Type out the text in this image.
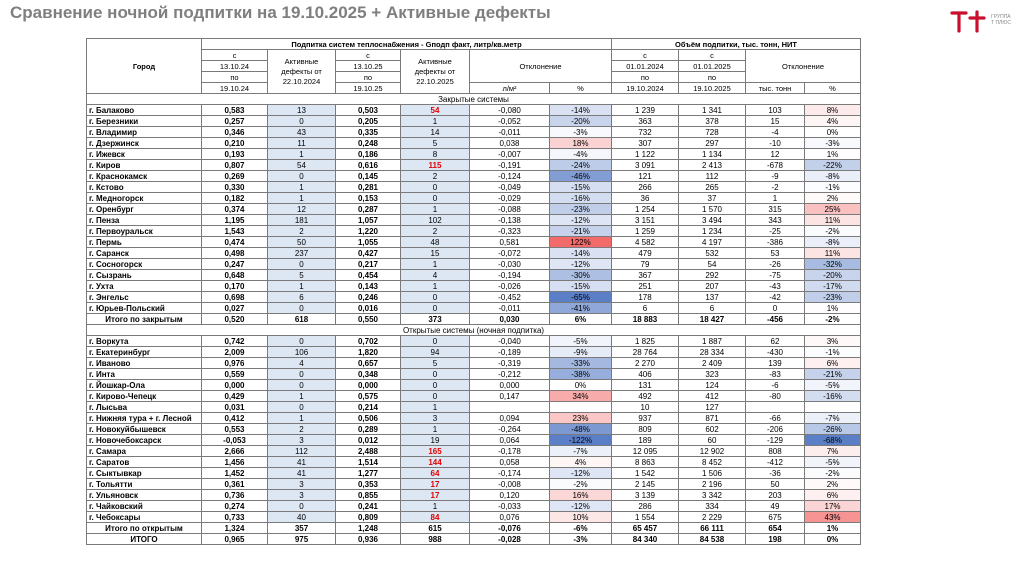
Сравнение ночной подпитки на 19.10.2025 + Активные дефекты	ГРУППА
Т ПЛЮС
Город	Подпитка систем теплоснабжения - Gподп факт, литр/кв.метр						Объём подпитки, тыс. тонн, НИТ			
	с	Активные дефекты от 22.10.2024	с	Активные дефекты от 22.10.2025	Отклонение		с	с	Отклонение	
	13.10.24		13.10.25				01.01.2024	01.01.2025		
	по		по				по	по		
	19.10.24		19.10.25		л/м²	%	19.10.2024	19.10.2025	тыс. тонн	%
Закрытые системы										
г. Балаково	0,583	13	0,503	54	-0,080	-14%	1 239	1 341	103	8%
г. Березники	0,257	0	0,205	1	-0,052	-20%	363	378	15	4%
г. Владимир	0,346	43	0,335	14	-0,011	-3%	732	728	-4	0%
г. Дзержинск	0,210	11	0,248	5	0,038	18%	307	297	-10	-3%
г. Ижевск	0,193	1	0,186	8	-0,007	-4%	1 122	1 134	12	1%
г. Киров	0,807	54	0,616	115	-0,191	-24%	3 091	2 413	-678	-22%
г. Краснокамск	0,269	0	0,145	2	-0,124	-46%	121	112	-9	-8%
г. Кстово	0,330	1	0,281	0	-0,049	-15%	266	265	-2	-1%
г. Медногорск	0,182	1	0,153	0	-0,029	-16%	36	37	1	2%
г. Оренбург	0,374	12	0,287	1	-0,088	-23%	1 254	1 570	315	25%
г. Пенза	1,195	181	1,057	102	-0,138	-12%	3 151	3 494	343	11%
г. Первоуральск	1,543	2	1,220	2	-0,323	-21%	1 259	1 234	-25	-2%
г. Пермь	0,474	50	1,055	48	0,581	122%	4 582	4 197	-386	-8%
г. Саранск	0,498	237	0,427	15	-0,072	-14%	479	532	53	11%
г. Сосногорск	0,247	0	0,217	1	-0,030	-12%	79	54	-26	-32%
г. Сызрань	0,648	5	0,454	4	-0,194	-30%	367	292	-75	-20%
г. Ухта	0,170	1	0,143	1	-0,026	-15%	251	207	-43	-17%
г. Энгельс	0,698	6	0,246	0	-0,452	-65%	178	137	-42	-23%
г. Юрьев-Польский	0,027	0	0,016	0	-0,011	-41%	6	6	0	1%
Итого по закрытым	0,520	618	0,550	373	0,030	6%	18 883	18 427	-456	-2%
Открытые системы (ночная подпитка)										
г. Воркута	0,742	0	0,702	0	-0,040	-5%	1 825	1 887	62	3%
г. Екатеринбург	2,009	106	1,820	94	-0,189	-9%	28 764	28 334	-430	-1%
г. Иваново	0,976	4	0,657	5	-0,319	-33%	2 270	2 409	139	6%
г. Инта	0,559	0	0,348	0	-0,212	-38%	406	323	-83	-21%
г. Йошкар-Ола	0,000	0	0,000	0	0,000	0%	131	124	-6	-5%
г. Кирово-Чепецк	0,429	1	0,575	0	0,147	34%	492	412	-80	-16%
г. Лысьва	0,031	0	0,214	1			10	127		
г. Нижняя тура + г. Лесной	0,412	1	0,506	3	0,094	23%	937	871	-66	-7%
г. Новокуйбышевск	0,553	2	0,289	1	-0,264	-48%	809	602	-206	-26%
г. Новочебоксарск	-0,053	3	0,012	19	0,064	-122%	189	60	-129	-68%
г. Самара	2,666	112	2,488	165	-0,178	-7%	12 095	12 902	808	7%
г. Саратов	1,456	41	1,514	144	0,058	4%	8 863	8 452	-412	-5%
г. Сыктывкар	1,452	41	1,277	64	-0,174	-12%	1 542	1 506	-36	-2%
г. Тольятти	0,361	3	0,353	17	-0,008	-2%	2 145	2 196	50	2%
г. Ульяновск	0,736	3	0,855	17	0,120	16%	3 139	3 342	203	6%
г. Чайковский	0,274	0	0,241	1	-0,033	-12%	286	334	49	17%
г. Чебоксары	0,733	40	0,809	84	0,076	10%	1 554	2 229	675	43%
Итого по открытым	1,324	357	1,248	615	-0,076	-6%	65 457	66 111	654	1%
ИТОГО	0,965	975	0,936	988	-0,028	-3%	84 340	84 538	198	0%
